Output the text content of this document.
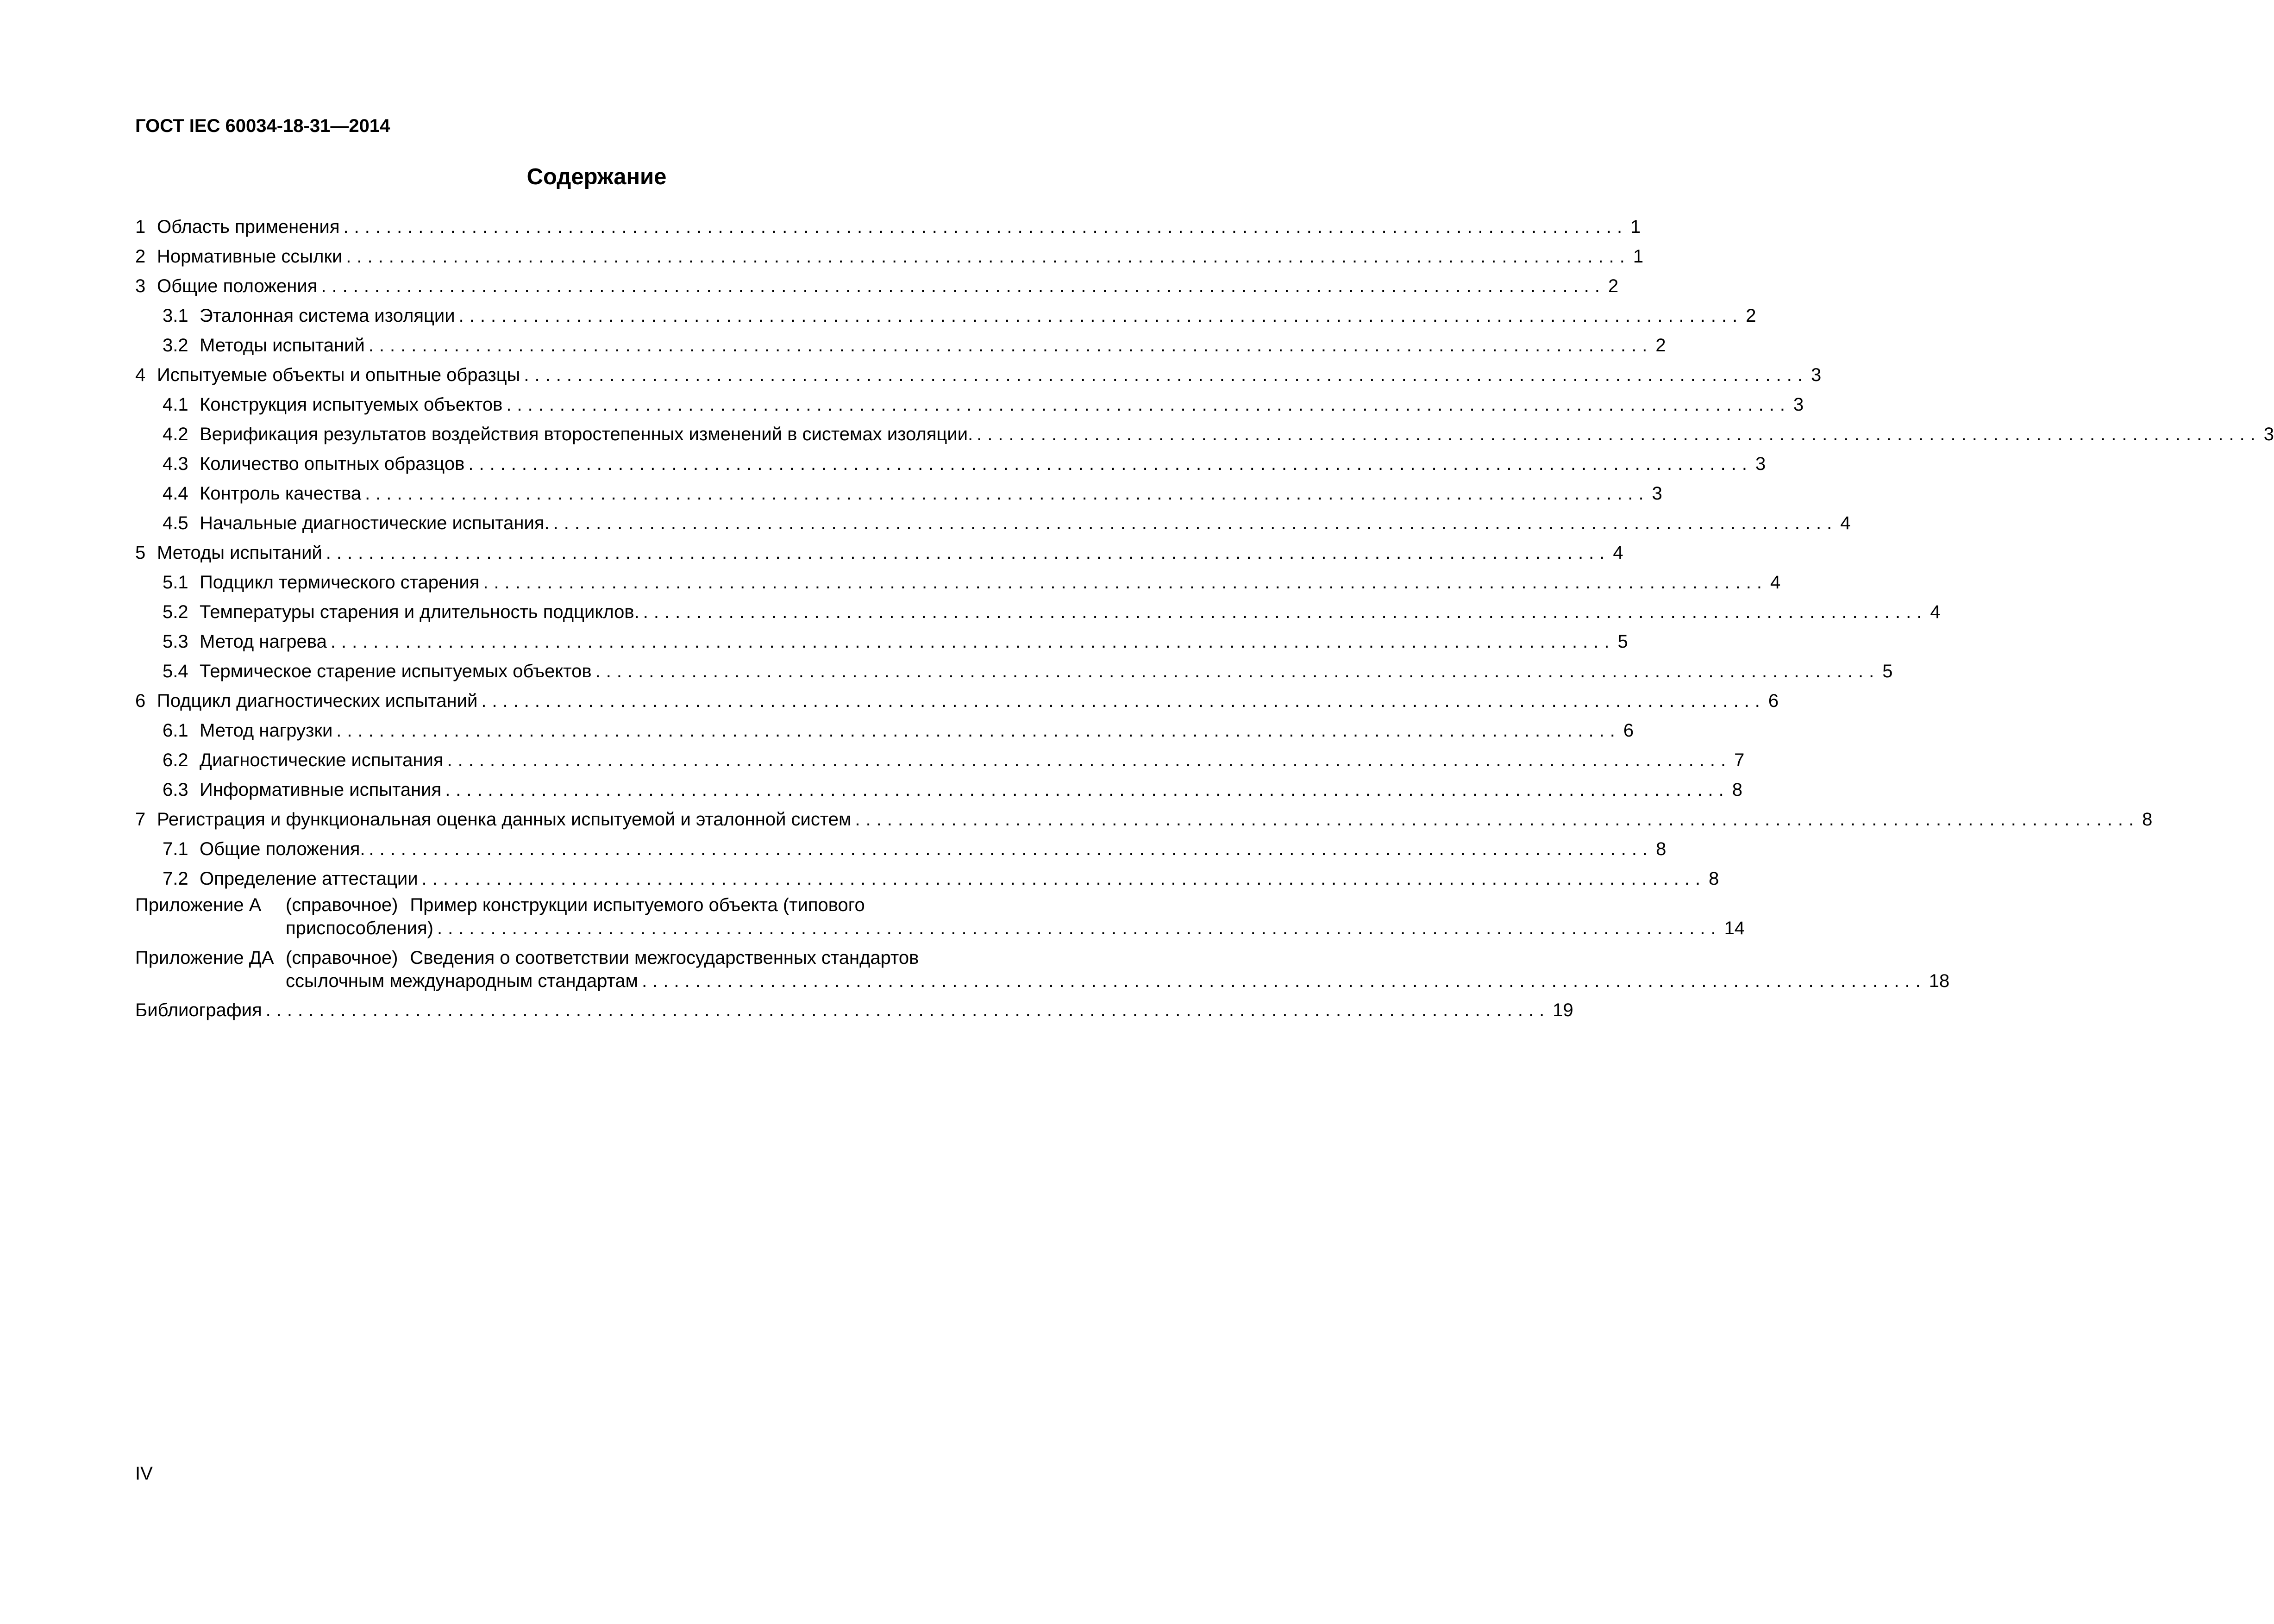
ГОСТ IEC 60034-18-31—2014
Содержание
1 Область применения ........................................................................................................................ 1
2 Нормативные ссылки ........................................................................................................................ 1
3 Общие положения ........................................................................................................................ 2
3.1 Эталонная система изоляции ........................................................................................................................ 2
3.2 Методы испытаний ........................................................................................................................ 2
4 Испытуемые объекты и опытные образцы ........................................................................................................................ 3
4.1 Конструкция испытуемых объектов ........................................................................................................................ 3
4.2 Верификация результатов воздействия второстепенных изменений в системах изоляции. ........................................................................................................................ 3
4.3 Количество опытных образцов ........................................................................................................................ 3
4.4 Контроль качества ........................................................................................................................ 3
4.5 Начальные диагностические испытания. ........................................................................................................................ 4
5 Методы испытаний ........................................................................................................................ 4
5.1 Подцикл термического старения ........................................................................................................................ 4
5.2 Температуры старения и длительность подциклов. ........................................................................................................................ 4
5.3 Метод нагрева ........................................................................................................................ 5
5.4 Термическое старение испытуемых объектов ........................................................................................................................ 5
6 Подцикл диагностических испытаний ........................................................................................................................ 6
6.1 Метод нагрузки ........................................................................................................................ 6
6.2 Диагностические испытания ........................................................................................................................ 7
6.3 Информативные испытания ........................................................................................................................ 8
7 Регистрация и функциональная оценка данных испытуемой и эталонной систем ........................................................................................................................ 8
7.1 Общие положения. ........................................................................................................................ 8
7.2 Определение аттестации ........................................................................................................................ 8
Приложение А	(справочное) Пример конструкции испытуемого объекта (типового
приспособления) ........................................................................................................................ 14
Приложение ДА (справочное) Сведения о соответствии межгосударственных стандартов
ссылочным международным стандартам ........................................................................................................................ 18
Библиография ........................................................................................................................ 19
IV
